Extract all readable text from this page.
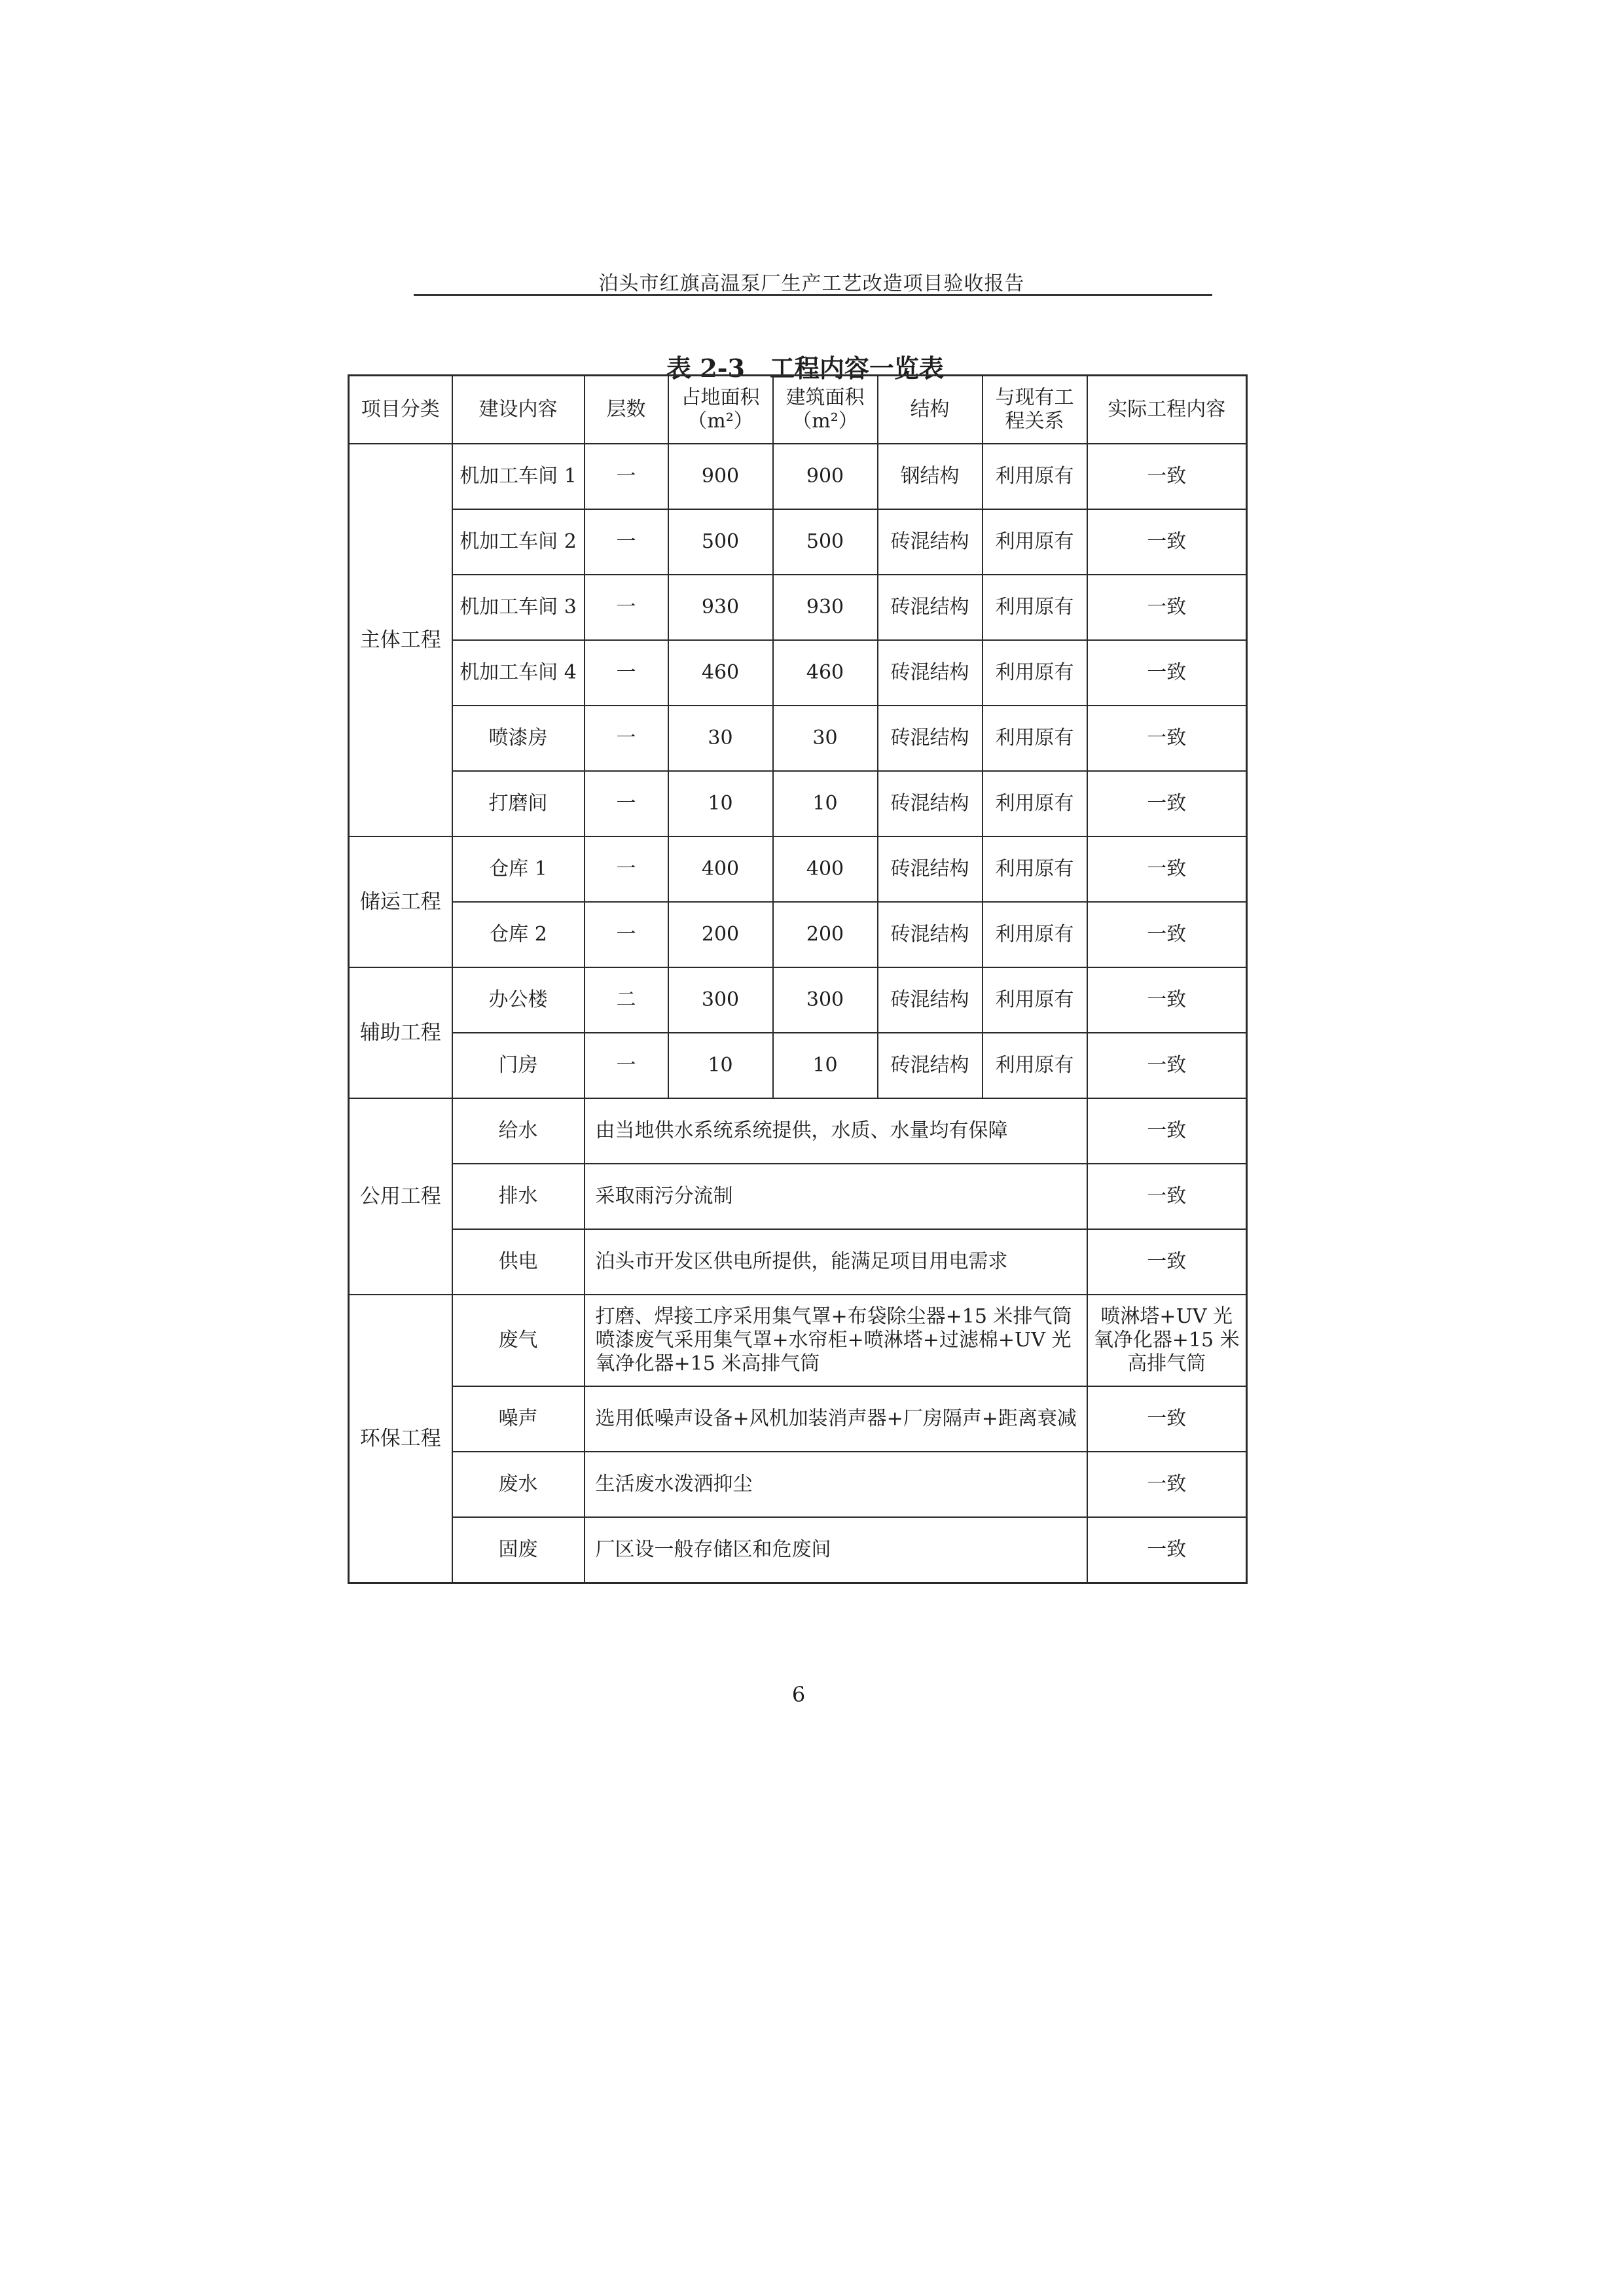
泊头市红旗高温泵厂生产工艺改造项目验收报告
表 2-3　工程内容一览表
项目分类	建设内容	层数	占地面积（m²）	建筑面积（m²）	结构	与现有工程关系	实际工程内容
主体工程	机加工车间 1	一	900	900	钢结构	利用原有	一致
	机加工车间 2	一	500	500	砖混结构	利用原有	一致
	机加工车间 3	一	930	930	砖混结构	利用原有	一致
	机加工车间 4	一	460	460	砖混结构	利用原有	一致
	喷漆房	一	30	30	砖混结构	利用原有	一致
	打磨间	一	10	10	砖混结构	利用原有	一致
储运工程	仓库 1	一	400	400	砖混结构	利用原有	一致
	仓库 2	一	200	200	砖混结构	利用原有	一致
辅助工程	办公楼	二	300	300	砖混结构	利用原有	一致
	门房	一	10	10	砖混结构	利用原有	一致
公用工程	给水	由当地供水系统系统提供，水质、水量均有保障					一致
	排水	采取雨污分流制					一致
	供电	泊头市开发区供电所提供，能满足项目用电需求					一致
环保工程	废气	打磨、焊接工序采用集气罩+布袋除尘器+15 米排气筒喷漆废气采用集气罩+水帘柜+喷淋塔+过滤棉+UV 光氧净化器+15 米高排气筒					喷淋塔+UV 光氧净化器+15 米高排气筒
	噪声	选用低噪声设备+风机加装消声器+厂房隔声+距离衰减					一致
	废水	生活废水泼洒抑尘					一致
	固废	厂区设一般存储区和危废间					一致
6
